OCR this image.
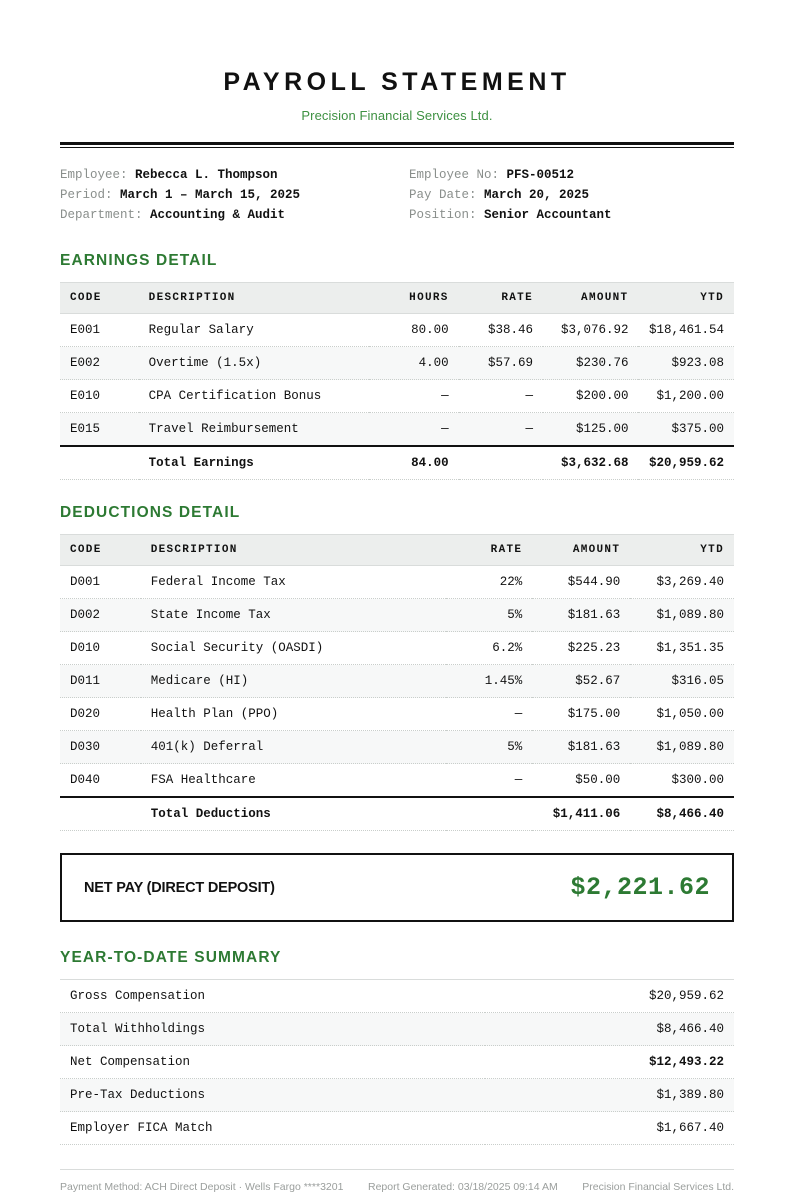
PAYROLL STATEMENT
Precision Financial Services Ltd.
Employee: Rebecca L. Thompson
Period: March 1 – March 15, 2025
Department: Accounting & Audit
Employee No: PFS-00512
Pay Date: March 20, 2025
Position: Senior Accountant
EARNINGS DETAIL
CODE	DESCRIPTION	HOURS	RATE	AMOUNT	YTD
E001	Regular Salary	80.00	$38.46	$3,076.92	$18,461.54
E002	Overtime (1.5x)	4.00	$57.69	$230.76	$923.08
E010	CPA Certification Bonus	—	—	$200.00	$1,200.00
E015	Travel Reimbursement	—	—	$125.00	$375.00
	Total Earnings	84.00		$3,632.68	$20,959.62
DEDUCTIONS DETAIL
CODE	DESCRIPTION	RATE	AMOUNT	YTD
D001	Federal Income Tax	22%	$544.90	$3,269.40
D002	State Income Tax	5%	$181.63	$1,089.80
D010	Social Security (OASDI)	6.2%	$225.23	$1,351.35
D011	Medicare (HI)	1.45%	$52.67	$316.05
D020	Health Plan (PPO)	—	$175.00	$1,050.00
D030	401(k) Deferral	5%	$181.63	$1,089.80
D040	FSA Healthcare	—	$50.00	$300.00
	Total Deductions		$1,411.06	$8,466.40
NET PAY (DIRECT DEPOSIT)	$2,221.62
YEAR-TO-DATE SUMMARY
Gross Compensation	$20,959.62
Total Withholdings	$8,466.40
Net Compensation	$12,493.22
Pre-Tax Deductions	$1,389.80
Employer FICA Match	$1,667.40
Payment Method: ACH Direct Deposit · Wells Fargo ****3201	Report Generated: 03/18/2025 09:14 AM	Precision Financial Services Ltd.
